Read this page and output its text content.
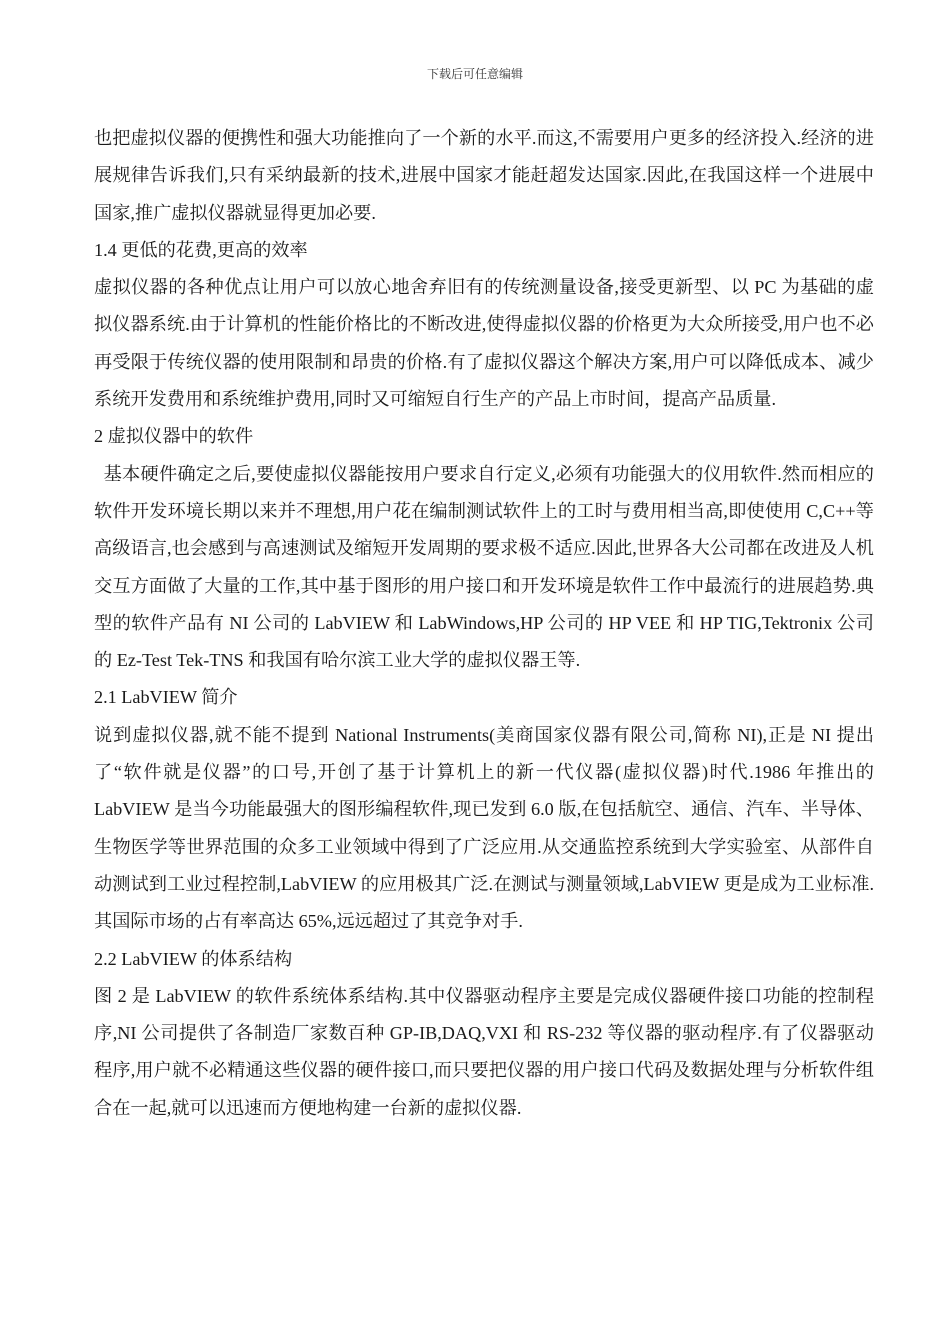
下载后可任意编辑

也把虚拟仪器的便携性和强大功能推向了一个新的水平.而这,不需要用户更多的经济投入.经济的进展规律告诉我们,只有采纳最新的技术,进展中国家才能赶超发达国家.因此,在我国这样一个进展中国家,推广虚拟仪器就显得更加必要.

1.4 更低的花费,更高的效率

虚拟仪器的各种优点让用户可以放心地舍弃旧有的传统测量设备,接受更新型、以 PC 为基础的虚拟仪器系统.由于计算机的性能价格比的不断改进,使得虚拟仪器的价格更为大众所接受,用户也不必再受限于传统仪器的使用限制和昂贵的价格.有了虚拟仪器这个解决方案,用户可以降低成本、减少系统开发费用和系统维护费用,同时又可缩短自行生产的产品上市时间，提高产品质量.

2 虚拟仪器中的软件

基本硬件确定之后,要使虚拟仪器能按用户要求自行定义,必须有功能强大的仪用软件.然而相应的软件开发环境长期以来并不理想,用户花在编制测试软件上的工时与费用相当高,即使使用 C,C++等高级语言,也会感到与高速测试及缩短开发周期的要求极不适应.因此,世界各大公司都在改进及人机交互方面做了大量的工作,其中基于图形的用户接口和开发环境是软件工作中最流行的进展趋势.典型的软件产品有 NI 公司的 LabVIEW 和 LabWindows,HP 公司的 HP VEE 和 HP TIG,Tektronix 公司的 Ez-Test Tek-TNS 和我国有哈尔滨工业大学的虚拟仪器王等.

2.1 LabVIEW 简介

说到虚拟仪器,就不能不提到 National Instruments(美商国家仪器有限公司,简称 NI),正是 NI 提出了“软件就是仪器”的口号,开创了基于计算机上的新一代仪器(虚拟仪器)时代.1986 年推出的 LabVIEW 是当今功能最强大的图形编程软件,现已发到 6.0 版,在包括航空、通信、汽车、半导体、生物医学等世界范围的众多工业领域中得到了广泛应用.从交通监控系统到大学实验室、从部件自动测试到工业过程控制,LabVIEW 的应用极其广泛.在测试与测量领域,LabVIEW 更是成为工业标准.其国际市场的占有率高达 65%,远远超过了其竞争对手.

2.2 LabVIEW 的体系结构

图 2 是 LabVIEW 的软件系统体系结构.其中仪器驱动程序主要是完成仪器硬件接口功能的控制程序,NI 公司提供了各制造厂家数百种 GP-IB,DAQ,VXI 和 RS-232 等仪器的驱动程序.有了仪器驱动程序,用户就不必精通这些仪器的硬件接口,而只要把仪器的用户接口代码及数据处理与分析软件组合在一起,就可以迅速而方便地构建一台新的虚拟仪器.
